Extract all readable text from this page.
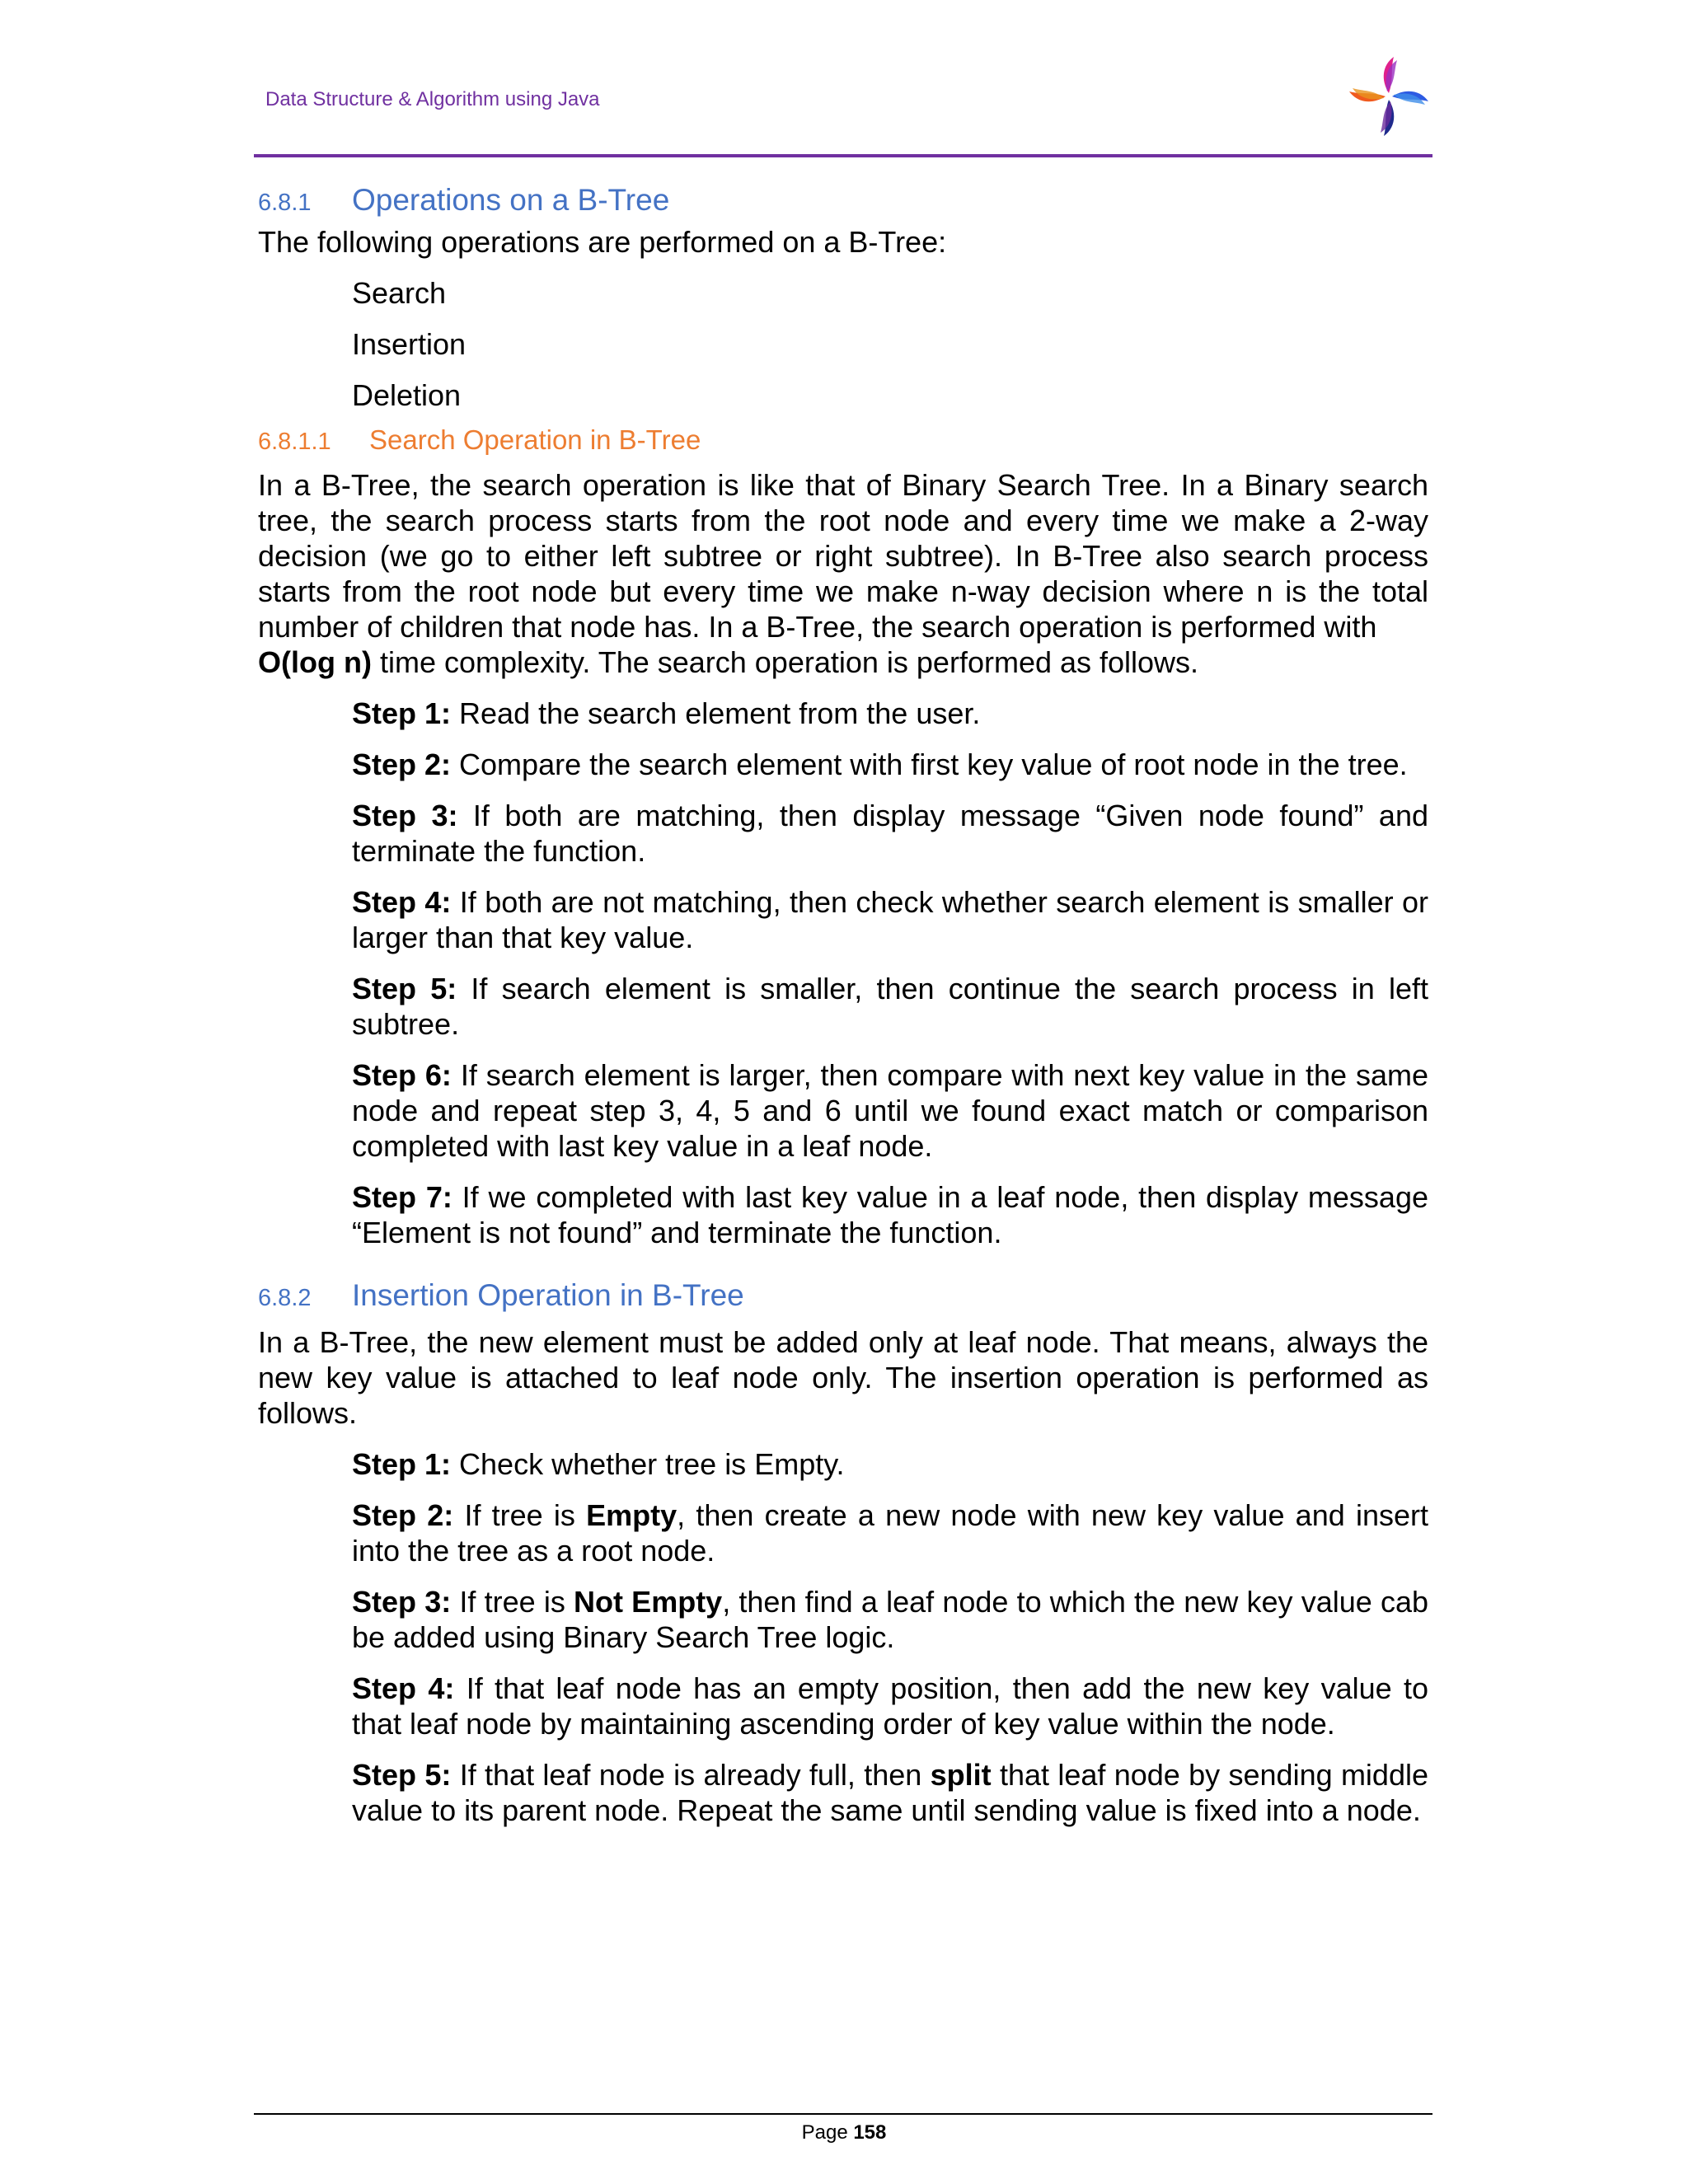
Data Structure & Algorithm using Java
6.8.1	Operations on a B-Tree

The following operations are performed on a B-Tree:

Search
Insertion
Deletion
6.8.1.1	Search Operation in B-Tree

In a B-Tree, the search operation is like that of Binary Search Tree. In a Binary search tree, the search process starts from the root node and every time we make a 2-way decision (we go to either left subtree or right subtree). In B-Tree also search process starts from the root node but every time we make n-way decision where n is the total number of children that node has. In a B-Tree, the search operation is performed with
O(log n) time complexity. The search operation is performed as follows.

Step 1: Read the search element from the user.

Step 2: Compare the search element with first key value of root node in the tree.

Step 3: If both are matching, then display message “Given node found” and terminate the function.

Step 4: If both are not matching, then check whether search element is smaller or larger than that key value.

Step 5: If search element is smaller, then continue the search process in left subtree.

Step 6: If search element is larger, then compare with next key value in the same node and repeat step 3, 4, 5 and 6 until we found exact match or comparison completed with last key value in a leaf node.

Step 7: If we completed with last key value in a leaf node, then display message “Element is not found” and terminate the function.

6.8.2	Insertion Operation in B-Tree

In a B-Tree, the new element must be added only at leaf node. That means, always the new key value is attached to leaf node only. The insertion operation is performed as follows.

Step 1: Check whether tree is Empty.

Step 2: If tree is Empty, then create a new node with new key value and insert into the tree as a root node.

Step 3: If tree is Not Empty, then find a leaf node to which the new key value cab be added using Binary Search Tree logic.

Step 4: If that leaf node has an empty position, then add the new key value to that leaf node by maintaining ascending order of key value within the node.

Step 5: If that leaf node is already full, then split that leaf node by sending middle value to its parent node. Repeat the same until sending value is fixed into a node.

Page 158
